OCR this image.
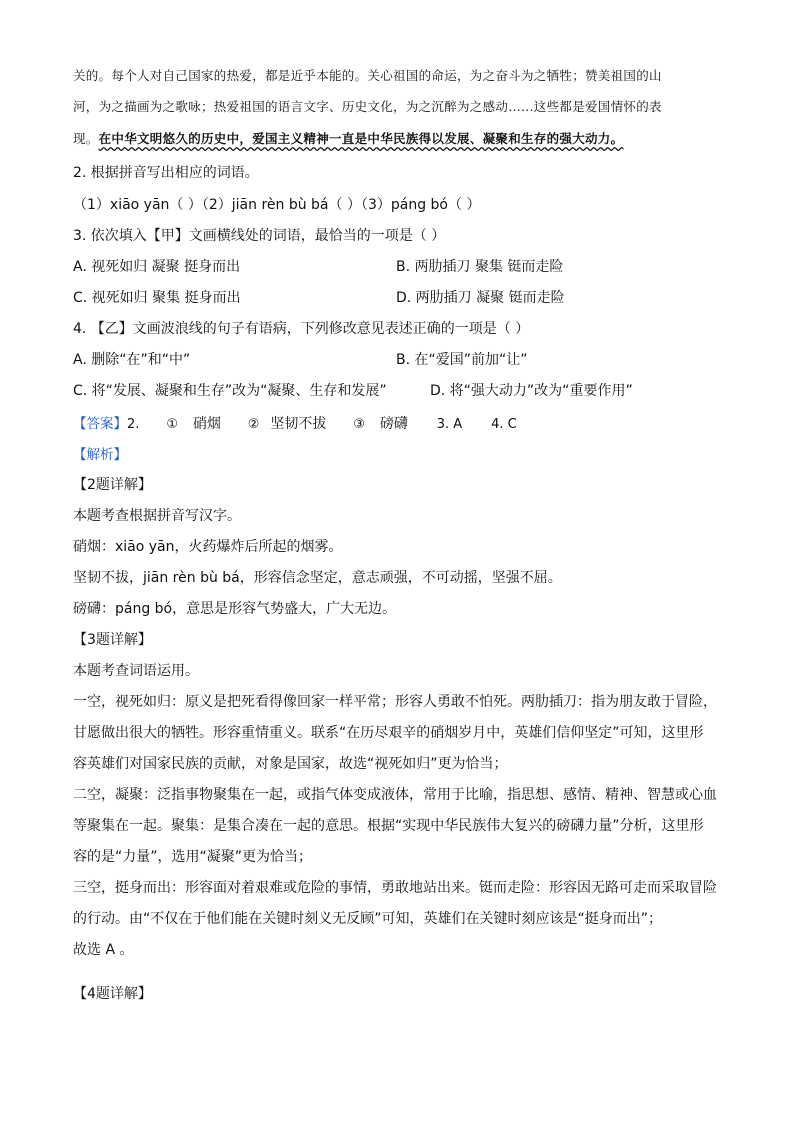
关的。每个人对自己国家的热爱，都是近乎本能的。关心祖国的命运，为之奋斗为之牺牲；赞美祖国的山
河，为之描画为之歌咏；热爱祖国的语言文字、历史文化，为之沉醉为之感动……这些都是爱国情怀的表
现。在中华文明悠久的历史中，爱国主义精神一直是中华民族得以发展、凝聚和生存的强大动力。
2. 根据拼音写出相应的词语。
（1）xiāo yān（ ）（2）jiān rèn bù bá（ ）（3）páng bó（ ）
3. 依次填入【甲】文画横线处的词语，最恰当的一项是（ ）
A. 视死如归 凝聚 挺身而出	B. 两肋插刀 聚集 铤而走险
C. 视死如归 聚集 挺身而出	D. 两肋插刀 凝聚 铤而走险
4. 【乙】文画波浪线的句子有语病，下列修改意见表述正确的一项是（ ）
A. 删除“在”和“中”	B. 在“爱国”前加“让”
C. 将“发展、凝聚和生存”改为“凝聚、生存和发展”	D. 将“强大动力”改为“重要作用”
【答案】2. ① 硝烟 ② 坚韧不拔 ③ 磅礴 3. A 4. C
【解析】
【2题详解】
本题考查根据拼音写汉字。
硝烟：xiāo yān，火药爆炸后所起的烟雾。
坚韧不拔，jiān rèn bù bá，形容信念坚定，意志顽强，不可动摇，坚强不屈。
磅礴：páng bó，意思是形容气势盛大，广大无边。
【3题详解】
本题考查词语运用。
一空，视死如归：原义是把死看得像回家一样平常；形容人勇敢不怕死。两肋插刀：指为朋友敢于冒险，
甘愿做出很大的牺牲。形容重情重义。联系“在历尽艰辛的硝烟岁月中，英雄们信仰坚定”可知，这里形
容英雄们对国家民族的贡献，对象是国家，故选“视死如归”更为恰当；
二空，凝聚：泛指事物聚集在一起，或指气体变成液体，常用于比喻，指思想、感情、精神、智慧或心血
等聚集在一起。聚集：是集合凑在一起的意思。根据“实现中华民族伟大复兴的磅礴力量”分析，这里形
容的是“力量”，选用“凝聚”更为恰当；
三空，挺身而出：形容面对着艰难或危险的事情，勇敢地站出来。铤而走险：形容因无路可走而采取冒险
的行动。由“不仅在于他们能在关键时刻义无反顾”可知，英雄们在关键时刻应该是“挺身而出”；
故选 A 。
【4题详解】
